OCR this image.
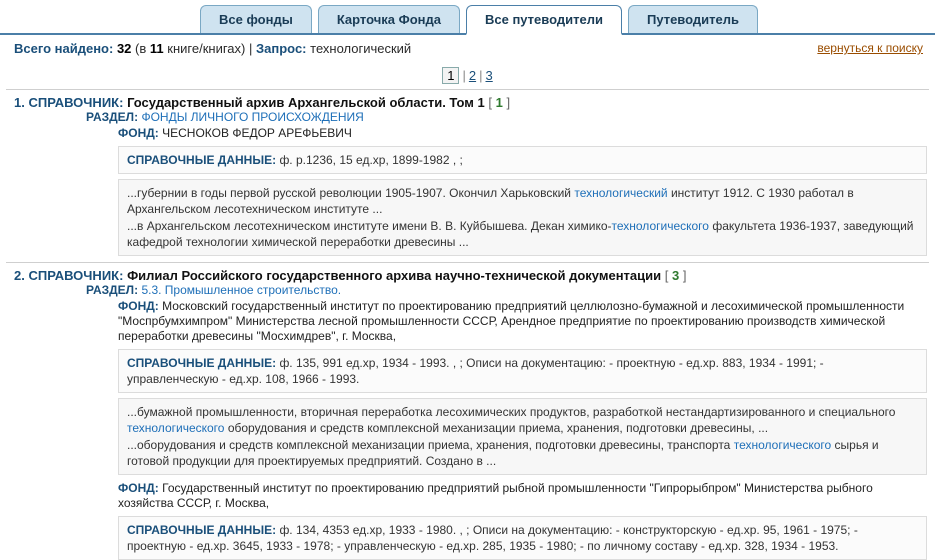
Все фонды	Карточка Фонда	Все путеводители	Путеводитель
Всего найдено: 32 (в 11 книге/книгах) | Запрос: технологический	вернуться к поиску
1 | 2 | 3
1. СПРАВОЧНИК: Государственный архив Архангельской области. Том 1 [ 1 ]
РАЗДЕЛ: ФОНДЫ ЛИЧНОГО ПРОИСХОЖДЕНИЯ
ФОНД: ЧЕСНОКОВ ФЕДОР АРЕФЬЕВИЧ
СПРАВОЧНЫЕ ДАННЫЕ: ф. р.1236, 15 ед.хр, 1899-1982 , ;

...губернии в годы первой русской революции 1905-1907. Окончил Харьковский технологический институт 1912. С 1930 работал в Архангельском лесотехническом институте ...

...в Архангельском лесотехническом институте имени В. В. Куйбышева. Декан химико-технологического факультета 1936-1937, заведующий кафедрой технологии химической переработки древесины ...

2. СПРАВОЧНИК: Филиал Российского государственного архива научно-технической документации [ 3 ]
РАЗДЕЛ: 5.3. Промышленное строительство.
ФОНД: Московский государственный институт по проектированию предприятий целлюлозно-бумажной и лесохимической промышленности "Моспрбумхимпром" Министерства лесной промышленности СССР, Арендное предприятие по проектированию производств химической переработки древесины "Мосхимдрев", г. Москва,
СПРАВОЧНЫЕ ДАННЫЕ: ф. 135, 991 ед.хр, 1934 - 1993. , ; Описи на документацию: - проектную - ед.хр. 883, 1934 - 1991; - управленческую - ед.хр. 108, 1966 - 1993.

...бумажной промышленности, вторичная переработка лесохимических продуктов, разработкой нестандартизированного и специального технологического оборудования и средств комплексной механизации приема, хранения, подготовки древесины, ...

...оборудования и средств комплексной механизации приема, хранения, подготовки древесины, транспорта технологического сырья и готовой продукции для проектируемых предприятий. Создано в ...

ФОНД: Государственный институт по проектированию предприятий рыбной промышленности "Гипрорыбпром" Министерства рыбного хозяйства СССР, г. Москва,
СПРАВОЧНЫЕ ДАННЫЕ: ф. 134, 4353 ед.хр, 1933 - 1980. , ; Описи на документацию: - конструкторскую - ед.хр. 95, 1961 - 1975; - проектную - ед.хр. 3645, 1933 - 1978; - управленческую - ед.хр. 285, 1935 - 1980; - по личному составу - ед.хр. 328, 1934 - 1953.
